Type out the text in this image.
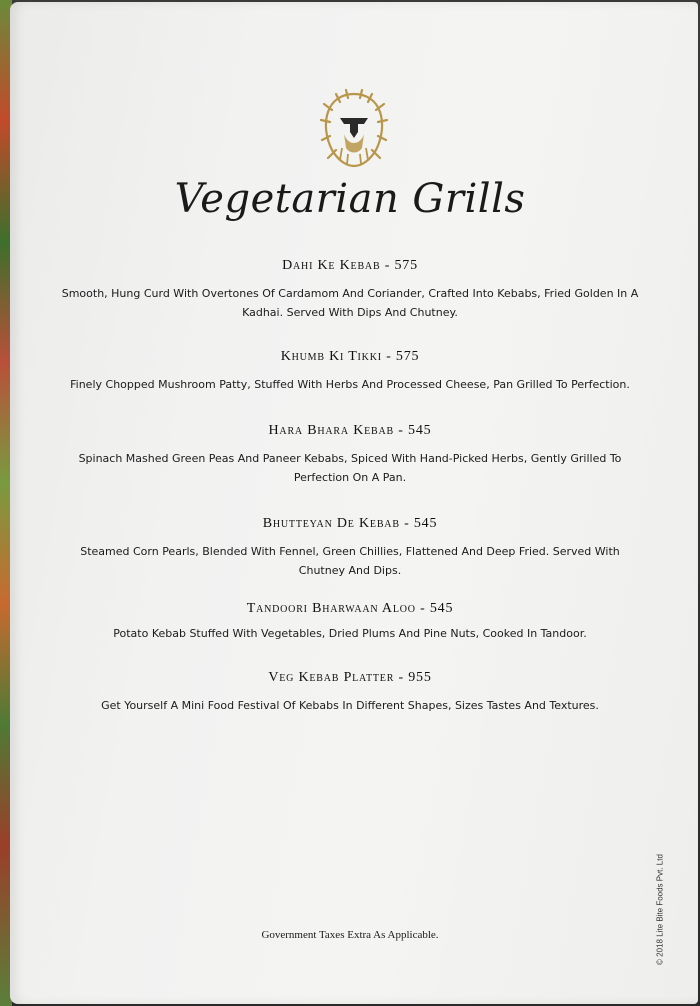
Vegetarian Grills
Dahi Ke Kebab - 575
Smooth, Hung Curd With Overtones Of Cardamom And Coriander, Crafted Into Kebabs, Fried Golden In A Kadhai. Served With Dips And Chutney.
Khumb Ki Tikki - 575
Finely Chopped Mushroom Patty, Stuffed With Herbs And Processed Cheese, Pan Grilled To Perfection.
Hara Bhara Kebab - 545
Spinach Mashed Green Peas And Paneer Kebabs, Spiced With Hand-Picked Herbs, Gently Grilled To Perfection On A Pan.
Bhutteyan De Kebab - 545
Steamed Corn Pearls, Blended With Fennel, Green Chillies, Flattened And Deep Fried. Served With Chutney And Dips.
Tandoori Bharwaan Aloo - 545
Potato Kebab Stuffed With Vegetables, Dried Plums And Pine Nuts, Cooked In Tandoor.
Veg Kebab Platter - 955
Get Yourself A Mini Food Festival Of Kebabs In Different Shapes, Sizes Tastes And Textures.
Government Taxes Extra As Applicable.	© 2018 Lite Bite Foods Pvt. Ltd
